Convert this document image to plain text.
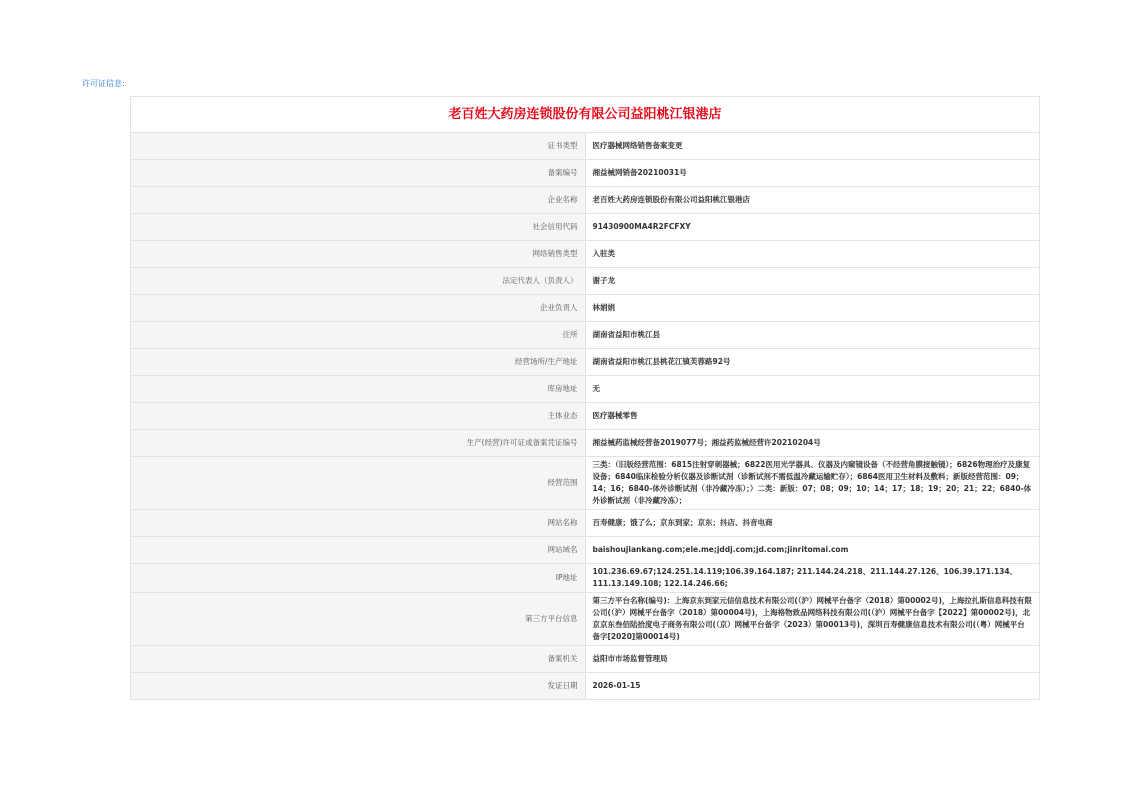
许可证信息:
老百姓大药房连锁股份有限公司益阳桃江银港店	
证书类型	医疗器械网络销售备案变更
备案编号	湘益械网销备20210031号
企业名称	老百姓大药房连锁股份有限公司益阳桃江银港店
社会信用代码	91430900MA4R2FCFXY
网络销售类型	入驻类
法定代表人（负责人）	谢子龙
企业负责人	林娟娟
住所	湖南省益阳市桃江县
经营场所/生产地址	湖南省益阳市桃江县桃花江镇芙蓉路92号
库房地址	无
主体业态	医疗器械零售
生产(经营)许可证或备案凭证编号	湘益械药监械经营备2019077号；湘益药监械经营许20210204号
经营范围	三类：（旧版经营范围：6815注射穿刺器械；6822医用光学器具、仪器及内窥镜设备（不经营角膜接触镜）；6826物理治疗及康复设备；6840临床检验分析仪器及诊断试剂（诊断试剂不需低温冷藏运输贮存）；6864医用卫生材料及敷料；新版经营范围：09；14；16；6840-体外诊断试剂（非冷藏冷冻）；）二类：新版：07；08；09；10；14；17；18；19；20；21；22；6840-体外诊断试剂（非冷藏冷冻）；
网站名称	百寿健康；饿了么；京东到家；京东；抖店、抖音电商
网站域名	baishoujiankang.com;ele.me;jddj.com;jd.com;jinritomai.com
IP地址	101.236.69.67;124.251.14.119;106.39.164.187; 211.144.24.218、211.144.27.126、106.39.171.134、111.13.149.108; 122.14.246.66;
第三方平台信息	第三方平台名称(编号)：上海京东到家元信信息技术有限公司(（沪）网械平台备字（2018）第00002号)，上海拉扎斯信息科技有限公司(（沪）网械平台备字（2018）第00004号)，上海格物致品网络科技有限公司(（沪）网械平台备字【2022】第00002号)，北京京东叁佰陆拾度电子商务有限公司(（京）网械平台备字（2023）第00013号)，深圳百寿健康信息技术有限公司(（粤）网械平台备字[2020]第00014号)
备案机关	益阳市市场监督管理局
发证日期	2026-01-15
